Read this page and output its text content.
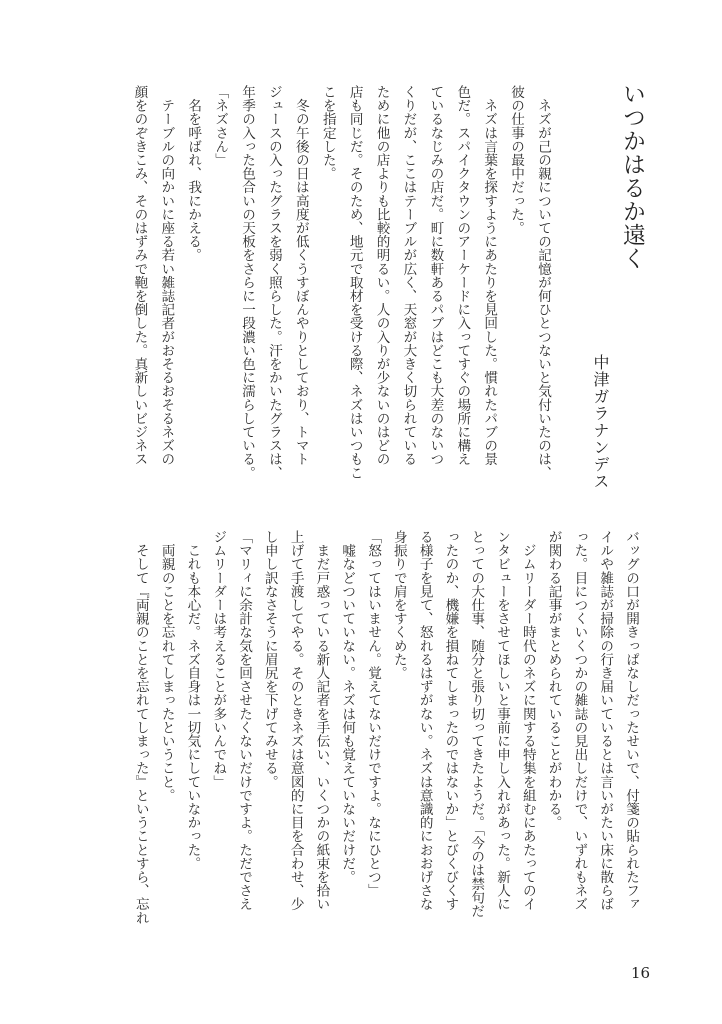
いつかはるか遠く
中津ガラナンデス
　ネズが己の親についての記憶が何ひとつないと気付いたのは、
彼の仕事の最中だった。
　ネズは言葉を探すようにあたりを見回した。慣れたパブの景
色だ。スパイクタウンのアーケードに入ってすぐの場所に構え
ているなじみの店だ。町に数軒あるパブはどこも大差のないつ
くりだが、ここはテーブルが広く、天窓が大きく切られている
ために他の店よりも比較的明るい。人の入りが少ないのはどの
店も同じだ。そのため、地元で取材を受ける際、ネズはいつもこ
こを指定した。
　冬の午後の日は高度が低くうすぼんやりとしており、トマト
ジュースの入ったグラスを弱く照らした。汗をかいたグラスは、
年季の入った色合いの天板をさらに一段濃い色に濡らしている。
「ネズさん」
　名を呼ばれ、我にかえる。
　テーブルの向かいに座る若い雑誌記者がおそるおそるネズの
顔をのぞきこみ、そのはずみで鞄を倒した。真新しいビジネス
バッグの口が開きっぱなしだったせいで、付箋の貼られたファ
イルや雑誌が掃除の行き届いているとは言いがたい床に散らば
った。目につくいくつかの雑誌の見出しだけで、いずれもネズ
が関わる記事がまとめられていることがわかる。
　ジムリーダー時代のネズに関する特集を組むにあたってのイ
ンタビューをさせてほしいと事前に申し入れがあった。新人に
とっての大仕事、随分と張り切ってきたようだ。「今のは禁句だ
ったのか、機嫌を損ねてしまったのではないか」とびくびくす
る様子を見て、怒れるはずがない。ネズは意識的におおげさな
身振りで肩をすくめた。
「怒ってはいません。覚えてないだけですよ。なにひとつ」
　嘘などついていない。ネズは何も覚えていないだけだ。
　まだ戸惑っている新人記者を手伝い、いくつかの紙束を拾い
上げて手渡してやる。そのときネズは意図的に目を合わせ、少
し申し訳なさそうに眉尻を下げてみせる。
「マリィに余計な気を回させたくないだけですよ。ただでさえ
ジムリーダーは考えることが多いんでね」
　これも本心だ。ネズ自身は一切気にしていなかった。
　両親のことを忘れてしまったということ。
　そして『両親のことを忘れてしまった』ということすら、忘れ
16
